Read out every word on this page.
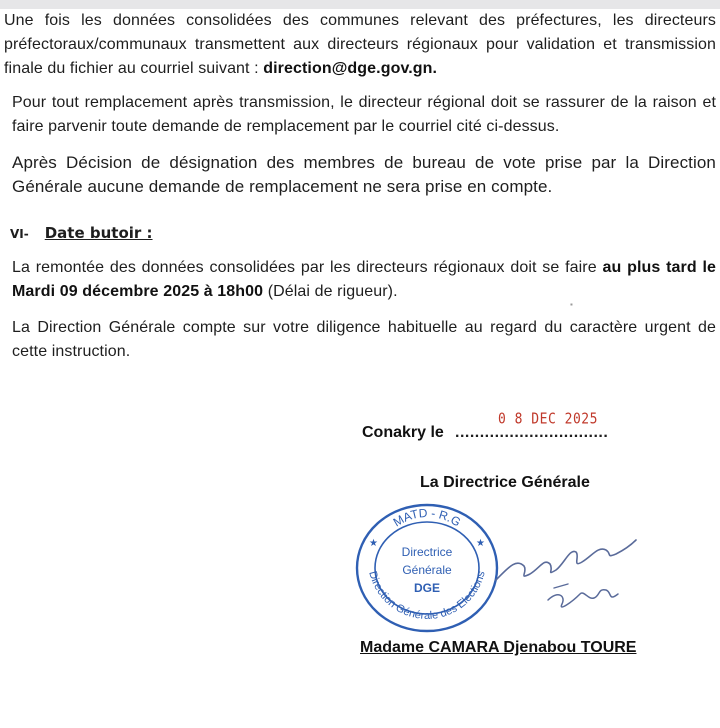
Une fois les données consolidées des communes relevant des préfectures, les directeurs préfectoraux/communaux transmettent aux directeurs régionaux pour validation et transmission finale du fichier au courriel suivant : direction@dge.gov.gn.

Pour tout remplacement après transmission, le directeur régional doit se rassurer de la raison et faire parvenir toute demande de remplacement par le courriel cité ci-dessus.

Après Décision de désignation des membres de bureau de vote prise par la Direction Générale aucune demande de remplacement ne sera prise en compte.

VI- Date butoir :

La remontée des données consolidées par les directeurs régionaux doit se faire au plus tard le Mardi 09 décembre 2025 à 18h00 (Délai de rigueur).

La Direction Générale compte sur votre diligence habituelle au regard du caractère urgent de cette instruction.

▪
0 8 DEC 2025
Conakry le ...............................
La Directrice Générale
MATD - R.G
Direction Générale des Elections
★	★
Directrice
Générale
DGE
Madame CAMARA Djenabou TOURE
